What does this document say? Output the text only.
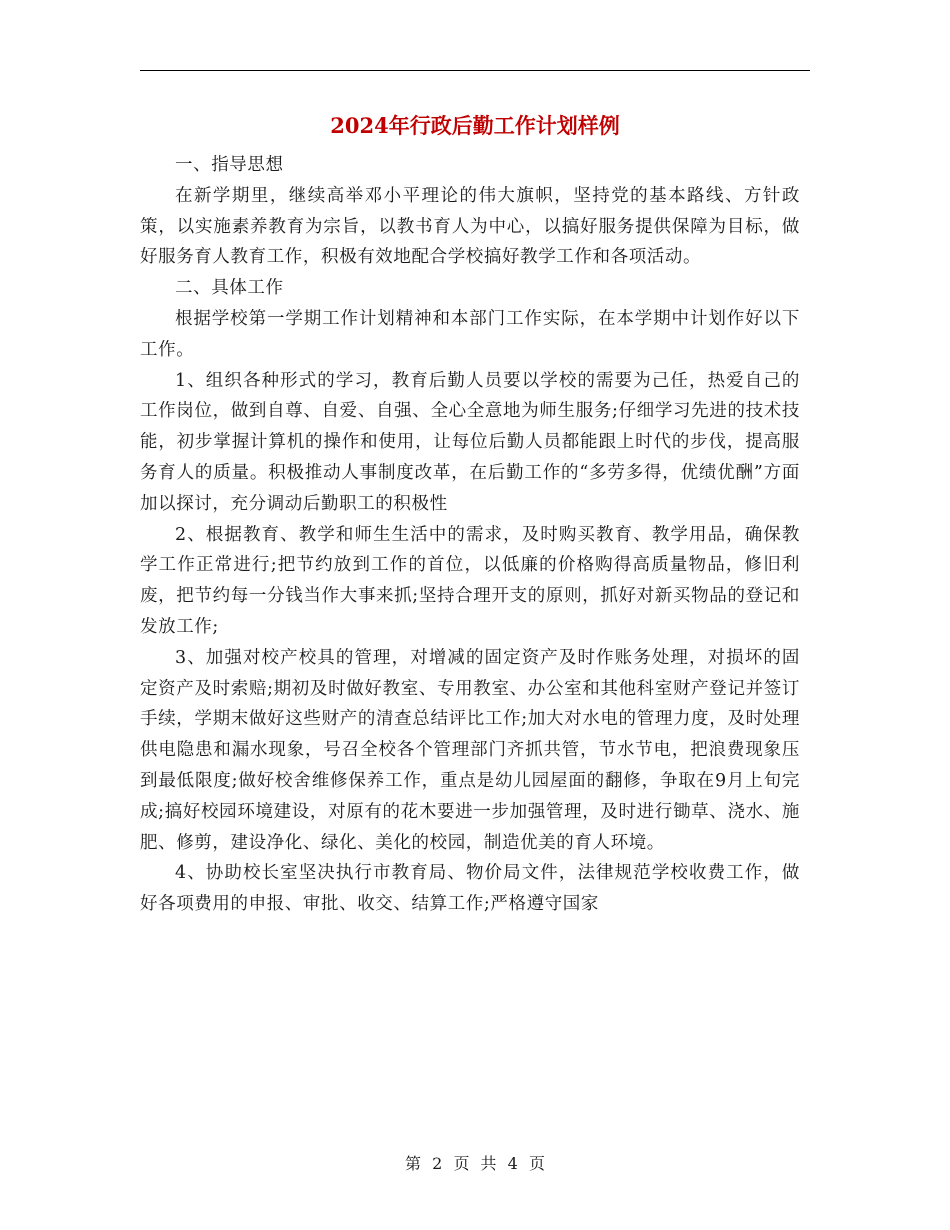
2024年行政后勤工作计划样例

一、指导思想

在新学期里，继续高举邓小平理论的伟大旗帜，坚持党的基本路线、方针政策，以实施素养教育为宗旨，以教书育人为中心，以搞好服务提供保障为目标，做好服务育人教育工作，积极有效地配合学校搞好教学工作和各项活动。

二、具体工作

根据学校第一学期工作计划精神和本部门工作实际，在本学期中计划作好以下工作。

1、组织各种形式的学习，教育后勤人员要以学校的需要为己任，热爱自己的工作岗位，做到自尊、自爱、自强、全心全意地为师生服务;仔细学习先进的技术技能，初步掌握计算机的操作和使用，让每位后勤人员都能跟上时代的步伐，提高服务育人的质量。积极推动人事制度改革，在后勤工作的“多劳多得，优绩优酬”方面加以探讨，充分调动后勤职工的积极性

2、根据教育、教学和师生生活中的需求，及时购买教育、教学用品，确保教学工作正常进行;把节约放到工作的首位，以低廉的价格购得高质量物品，修旧利废，把节约每一分钱当作大事来抓;坚持合理开支的原则，抓好对新买物品的登记和发放工作;

3、加强对校产校具的管理，对增减的固定资产及时作账务处理，对损坏的固定资产及时索赔;期初及时做好教室、专用教室、办公室和其他科室财产登记并签订手续，学期末做好这些财产的清查总结评比工作;加大对水电的管理力度，及时处理供电隐患和漏水现象，号召全校各个管理部门齐抓共管，节水节电，把浪费现象压到最低限度;做好校舍维修保养工作，重点是幼儿园屋面的翻修，争取在9月上旬完成;搞好校园环境建设，对原有的花木要进一步加强管理，及时进行锄草、浇水、施肥、修剪，建设净化、绿化、美化的校园，制造优美的育人环境。

4、协助校长室坚决执行市教育局、物价局文件，法律规范学校收费工作，做好各项费用的申报、审批、收交、结算工作;严格遵守国家

第 2 页 共 4 页
